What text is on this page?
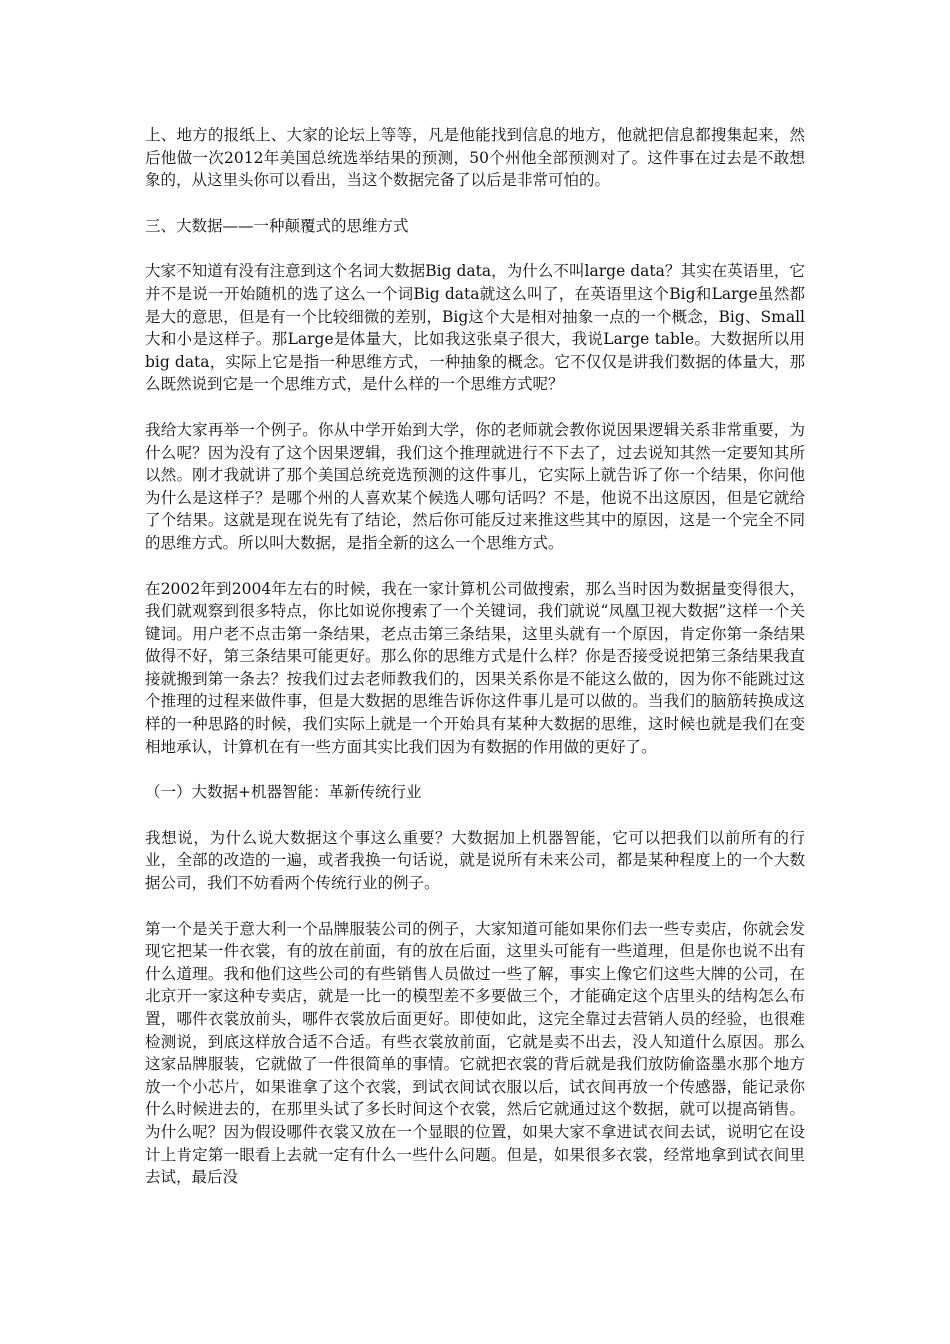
上、地方的报纸上、大家的论坛上等等，凡是他能找到信息的地方，他就把信息都搜集起来，然后他做一次2012年美国总统选举结果的预测，50个州他全部预测对了。这件事在过去是不敢想象的，从这里头你可以看出，当这个数据完备了以后是非常可怕的。

三、大数据——一种颠覆式的思维方式

大家不知道有没有注意到这个名词大数据Big data，为什么不叫large data？其实在英语里，它并不是说一开始随机的选了这么一个词Big data就这么叫了，在英语里这个Big和Large虽然都是大的意思，但是有一个比较细微的差别，Big这个大是相对抽象一点的一个概念，Big、Small大和小是这样子。那Large是体量大，比如我这张桌子很大，我说Large table。大数据所以用big data，实际上它是指一种思维方式，一种抽象的概念。它不仅仅是讲我们数据的体量大，那么既然说到它是一个思维方式，是什么样的一个思维方式呢？

我给大家再举一个例子。你从中学开始到大学，你的老师就会教你说因果逻辑关系非常重要，为什么呢？因为没有了这个因果逻辑，我们这个推理就进行不下去了，过去说知其然一定要知其所以然。刚才我就讲了那个美国总统竞选预测的这件事儿，它实际上就告诉了你一个结果，你问他为什么是这样子？是哪个州的人喜欢某个候选人哪句话吗？不是，他说不出这原因，但是它就给了个结果。这就是现在说先有了结论，然后你可能反过来推这些其中的原因，这是一个完全不同的思维方式。所以叫大数据，是指全新的这么一个思维方式。

在2002年到2004年左右的时候，我在一家计算机公司做搜索，那么当时因为数据量变得很大，我们就观察到很多特点，你比如说你搜索了一个关键词，我们就说“凤凰卫视大数据”这样一个关键词。用户老不点击第一条结果，老点击第三条结果，这里头就有一个原因，肯定你第一条结果做得不好，第三条结果可能更好。那么你的思维方式是什么样？你是否接受说把第三条结果我直接就搬到第一条去？按我们过去老师教我们的，因果关系你是不能这么做的，因为你不能跳过这个推理的过程来做件事，但是大数据的思维告诉你这件事儿是可以做的。当我们的脑筋转换成这样的一种思路的时候，我们实际上就是一个开始具有某种大数据的思维，这时候也就是我们在变相地承认，计算机在有一些方面其实比我们因为有数据的作用做的更好了。

（一）大数据+机器智能：革新传统行业

我想说，为什么说大数据这个事这么重要？大数据加上机器智能，它可以把我们以前所有的行业，全部的改造的一遍，或者我换一句话说，就是说所有未来公司，都是某种程度上的一个大数据公司，我们不妨看两个传统行业的例子。

第一个是关于意大利一个品牌服装公司的例子，大家知道可能如果你们去一些专卖店，你就会发现它把某一件衣裳，有的放在前面，有的放在后面，这里头可能有一些道理，但是你也说不出有什么道理。我和他们这些公司的有些销售人员做过一些了解，事实上像它们这些大牌的公司，在北京开一家这种专卖店，就是一比一的模型差不多要做三个，才能确定这个店里头的结构怎么布置，哪件衣裳放前头，哪件衣裳放后面更好。即使如此，这完全靠过去营销人员的经验，也很难检测说，到底这样放合适不合适。有些衣裳放前面，它就是卖不出去，没人知道什么原因。那么这家品牌服装，它就做了一件很简单的事情。它就把衣裳的背后就是我们放防偷盗墨水那个地方放一个小芯片，如果谁拿了这个衣裳，到试衣间试衣服以后，试衣间再放一个传感器，能记录你什么时候进去的，在那里头试了多长时间这个衣裳，然后它就通过这个数据，就可以提高销售。为什么呢？因为假设哪件衣裳又放在一个显眼的位置，如果大家不拿进试衣间去试，说明它在设计上肯定第一眼看上去就一定有什么一些什么问题。但是，如果很多衣裳，经常地拿到试衣间里去试，最后没
